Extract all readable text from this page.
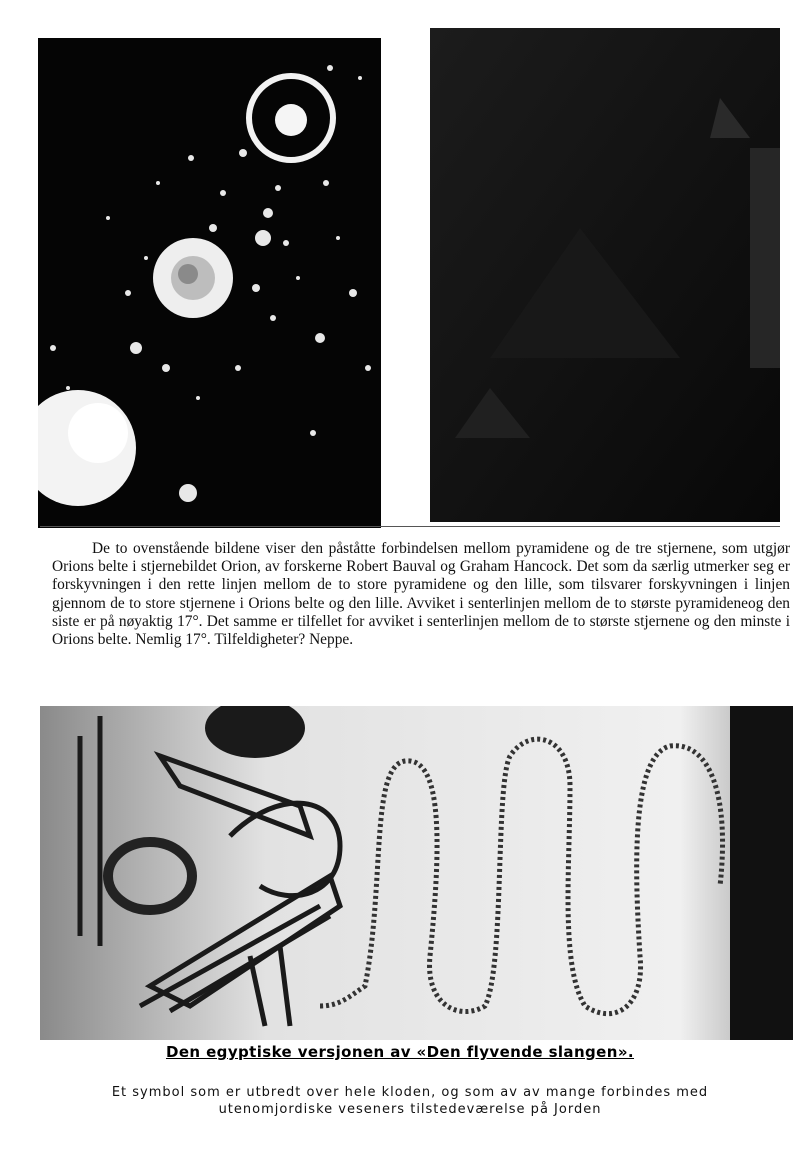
De to ovenstående bildene viser den påståtte forbindelsen mellom pyramidene og de tre stjernene, som utgjør Orions belte i stjernebildet Orion, av forskerne Robert Bauval og Graham Hancock. Det som da særlig utmerker seg er forskyvningen i den rette linjen mellom de to store pyramidene og den lille, som tilsvarer forskyvningen i linjen gjennom de to store stjernene i Orions belte og den lille. Avviket i senterlinjen mellom de to største pyramideneog den siste er på nøyaktig 17°. Det samme er tilfellet for avviket i senterlinjen mellom de to største stjernene og den minste i Orions belte. Nemlig 17°. Tilfeldigheter? Neppe.

Den egyptiske versjonen av «Den flyvende slangen».

Et symbol som er utbredt over hele kloden, og som av av mange forbindes med
utenomjordiske veseners tilstedeværelse på Jorden
